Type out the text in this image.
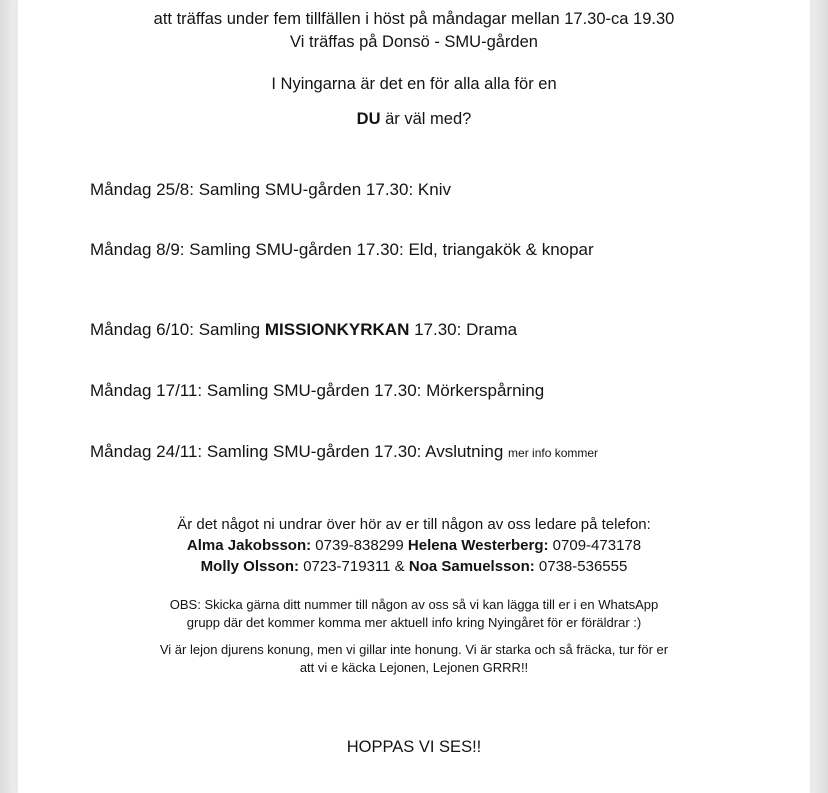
att träffas under fem tillfällen i höst på måndagar mellan 17.30-ca 19.30
Vi träffas på Donsö - SMU-gården
I Nyingarna är det en för alla alla för en
DU är väl med?
Måndag 25/8: Samling SMU-gården 17.30: Kniv
Måndag 8/9: Samling SMU-gården 17.30: Eld, triangakök & knopar
Måndag 6/10: Samling MISSIONKYRKAN 17.30: Drama
Måndag 17/11: Samling SMU-gården 17.30: Mörkerspårning
Måndag 24/11: Samling SMU-gården 17.30: Avslutning mer info kommer
Är det något ni undrar över hör av er till någon av oss ledare på telefon:
Alma Jakobsson: 0739-838299 Helena Westerberg: 0709-473178
Molly Olsson: 0723-719311 & Noa Samuelsson: 0738-536555
OBS: Skicka gärna ditt nummer till någon av oss så vi kan lägga till er i en WhatsApp
grupp där det kommer komma mer aktuell info kring Nyingåret för er föräldrar :)
Vi är lejon djurens konung, men vi gillar inte honung. Vi är starka och så fräcka, tur för er
att vi e käcka Lejonen, Lejonen GRRR!!
HOPPAS VI SES!!
